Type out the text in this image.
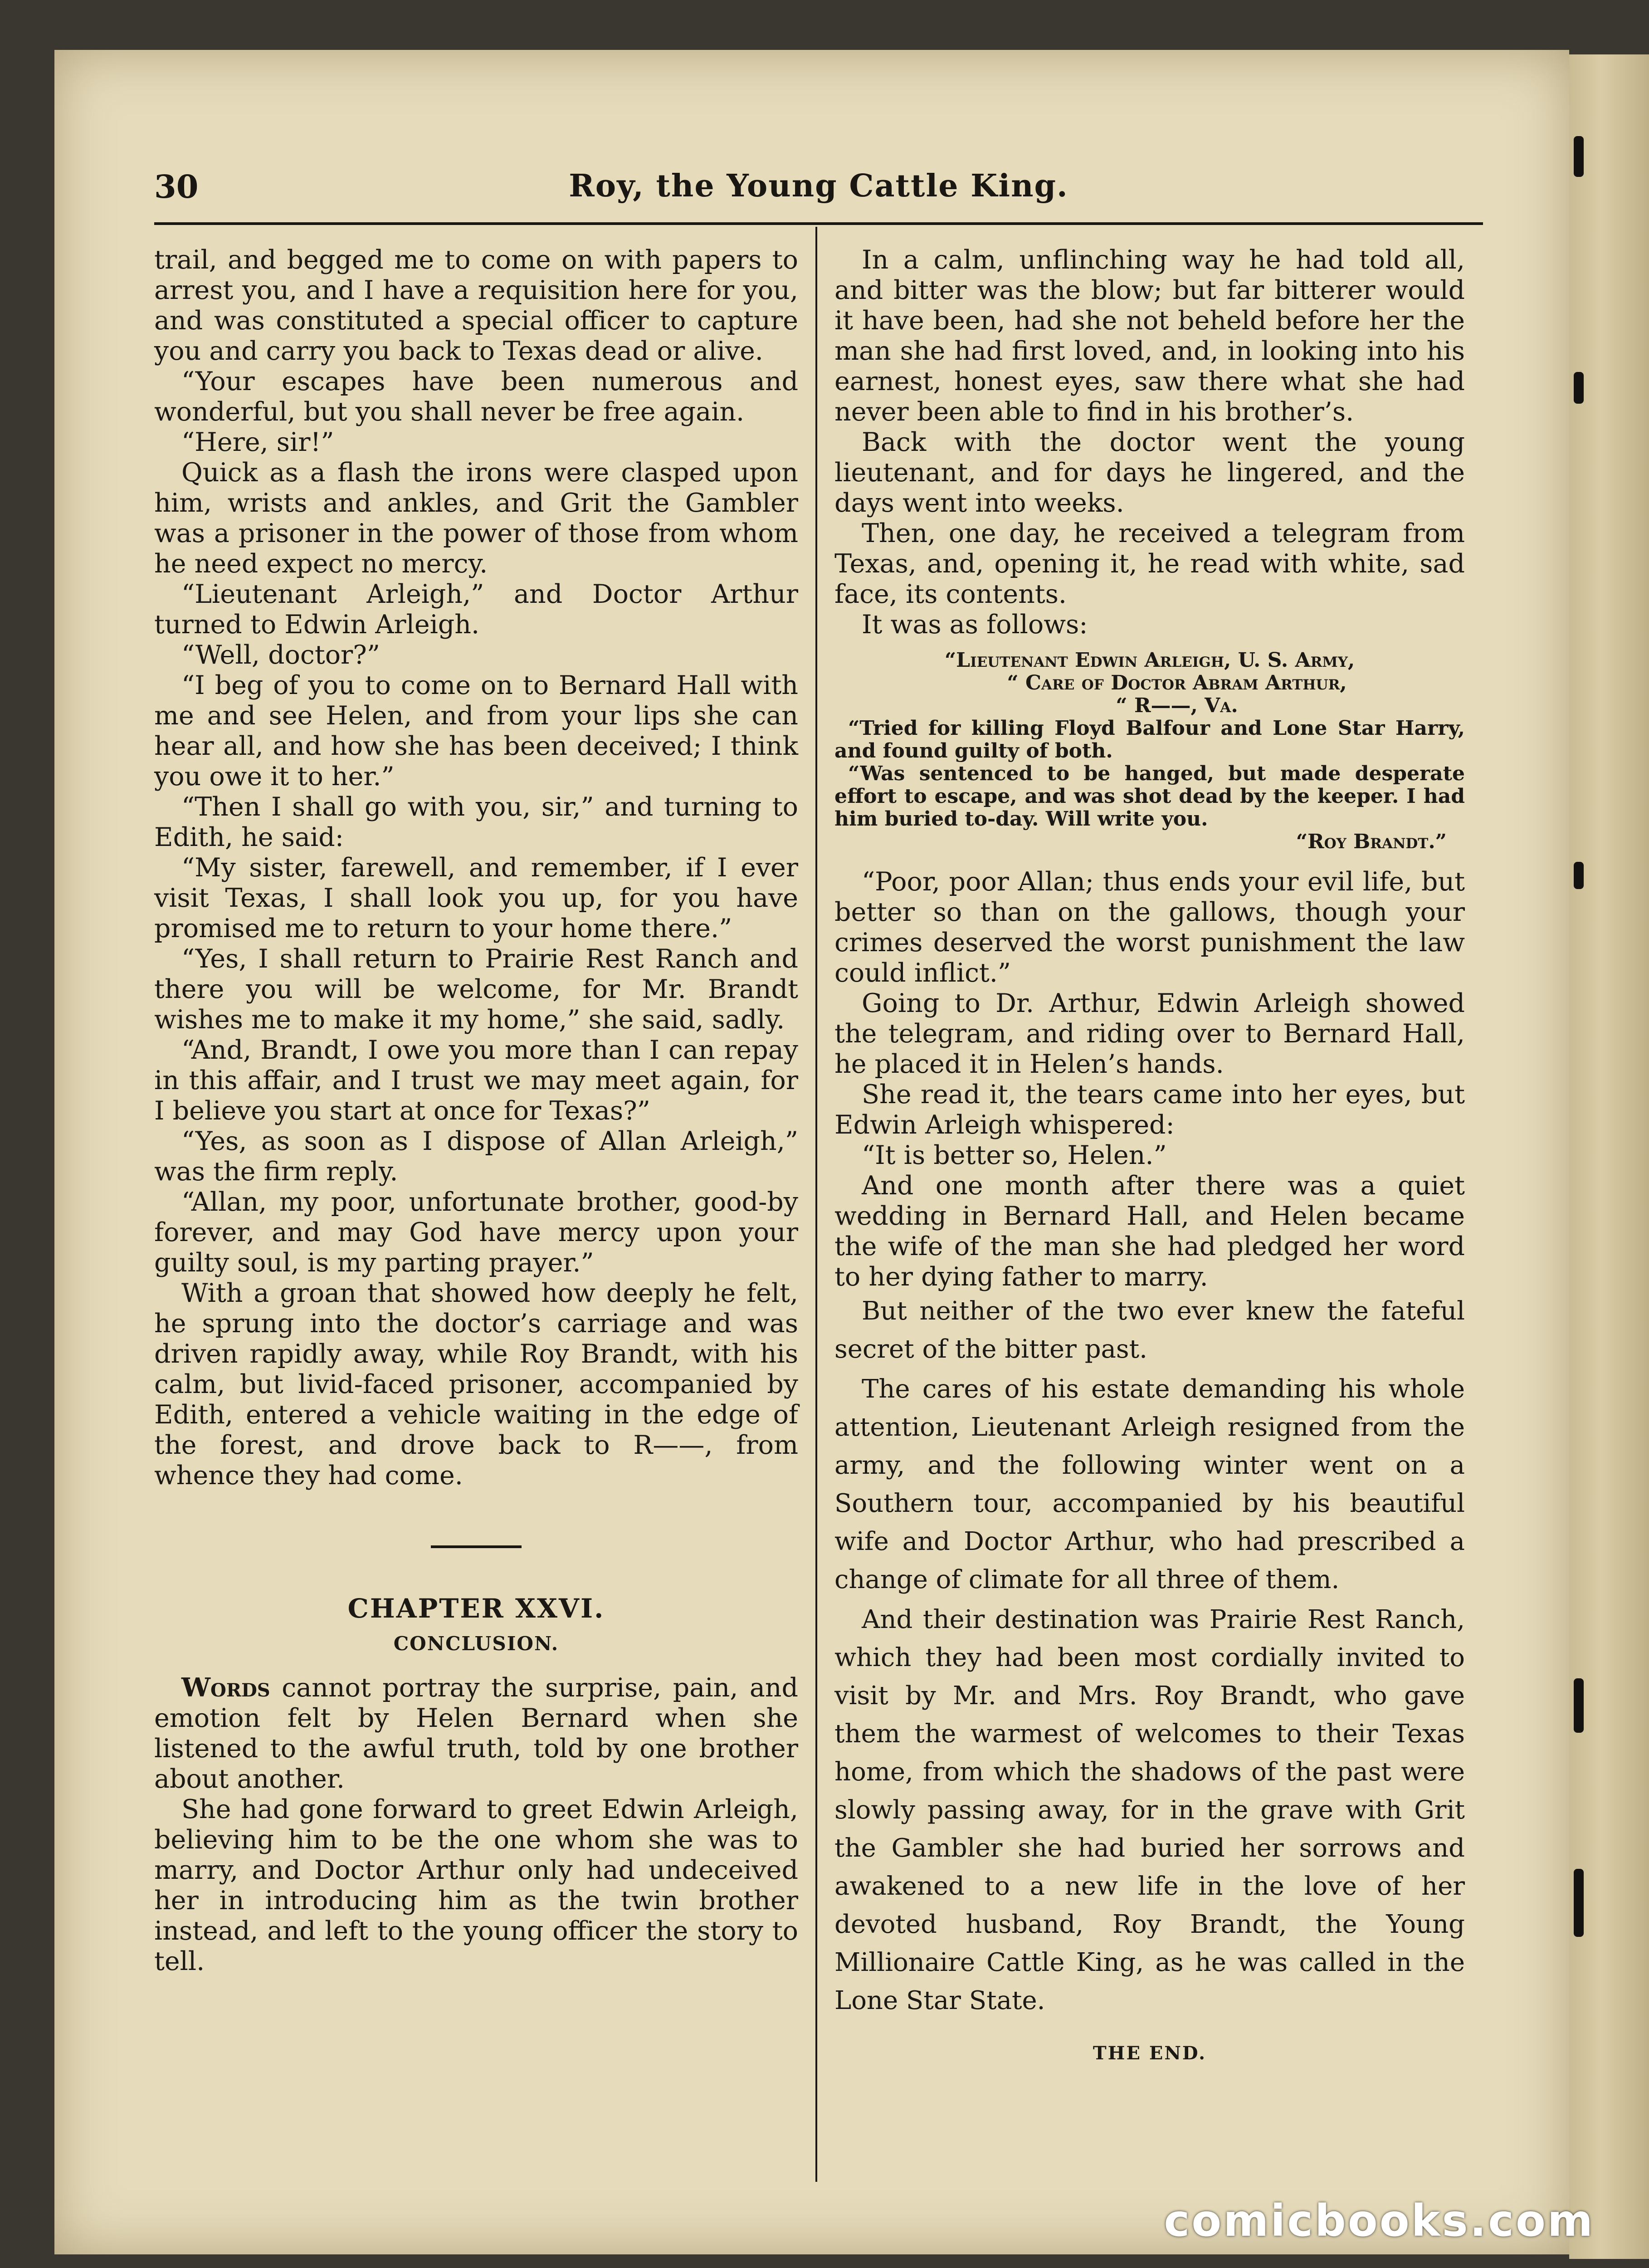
30	Roy, the Young Cattle King.

trail, and begged me to come on with papers to arrest you, and I have a requisition here for you, and was constituted a special officer to capture you and carry you back to Texas dead or alive.

“Your escapes have been numerous and wonderful, but you shall never be free again.

“Here, sir!”

Quick as a flash the irons were clasped upon him, wrists and ankles, and Grit the Gambler was a prisoner in the power of those from whom he need expect no mercy.

“Lieutenant Arleigh,” and Doctor Arthur turned to Edwin Arleigh.

“Well, doctor?”

“I beg of you to come on to Bernard Hall with me and see Helen, and from your lips she can hear all, and how she has been deceived; I think you owe it to her.”

“Then I shall go with you, sir,” and turning to Edith, he said:

“My sister, farewell, and remember, if I ever visit Texas, I shall look you up, for you have promised me to return to your home there.”

“Yes, I shall return to Prairie Rest Ranch and there you will be welcome, for Mr. Brandt wishes me to make it my home,” she said, sadly.

“And, Brandt, I owe you more than I can repay in this affair, and I trust we may meet again, for I believe you start at once for Texas?”

“Yes, as soon as I dispose of Allan Arleigh,” was the firm reply.

“Allan, my poor, unfortunate brother, good-by forever, and may God have mercy upon your guilty soul, is my parting prayer.”

With a groan that showed how deeply he felt, he sprung into the doctor’s carriage and was driven rapidly away, while Roy Brandt, with his calm, but livid-faced prisoner, accompanied by Edith, entered a vehicle waiting in the edge of the forest, and drove back to R——, from whence they had come.

CHAPTER XXVI.
CONCLUSION.

Words cannot portray the surprise, pain, and emotion felt by Helen Bernard when she listened to the awful truth, told by one brother about another.

She had gone forward to greet Edwin Arleigh, believing him to be the one whom she was to marry, and Doctor Arthur only had undeceived her in introducing him as the twin brother instead, and left to the young officer the story to tell.

In a calm, unflinching way he had told all, and bitter was the blow; but far bitterer would it have been, had she not beheld before her the man she had first loved, and, in looking into his earnest, honest eyes, saw there what she had never been able to find in his brother’s.

Back with the doctor went the young lieutenant, and for days he lingered, and the days went into weeks.

Then, one day, he received a telegram from Texas, and, opening it, he read with white, sad face, its contents.

It was as follows:

“Lieutenant Edwin Arleigh, U. S. Army,
“ Care of Doctor Abram Arthur,
“ R——, Va.

“Tried for killing Floyd Balfour and Lone Star Harry, and found guilty of both.

“Was sentenced to be hanged, but made desperate effort to escape, and was shot dead by the keeper. I had him buried to-day. Will write you.

“Roy Brandt.”

“Poor, poor Allan; thus ends your evil life, but better so than on the gallows, though your crimes deserved the worst punishment the law could inflict.”

Going to Dr. Arthur, Edwin Arleigh showed the telegram, and riding over to Bernard Hall, he placed it in Helen’s hands.

She read it, the tears came into her eyes, but Edwin Arleigh whispered:

“It is better so, Helen.”

And one month after there was a quiet wedding in Bernard Hall, and Helen became the wife of the man she had pledged her word to her dying father to marry.

But neither of the two ever knew the fateful secret of the bitter past.

The cares of his estate demanding his whole attention, Lieutenant Arleigh resigned from the army, and the following winter went on a Southern tour, accompanied by his beautiful wife and Doctor Arthur, who had prescribed a change of climate for all three of them.

And their destination was Prairie Rest Ranch, which they had been most cordially invited to visit by Mr. and Mrs. Roy Brandt, who gave them the warmest of welcomes to their Texas home, from which the shadows of the past were slowly passing away, for in the grave with Grit the Gambler she had buried her sorrows and awakened to a new life in the love of her devoted husband, Roy Brandt, the Young Millionaire Cattle King, as he was called in the Lone Star State.

THE END.
comicbooks.com
